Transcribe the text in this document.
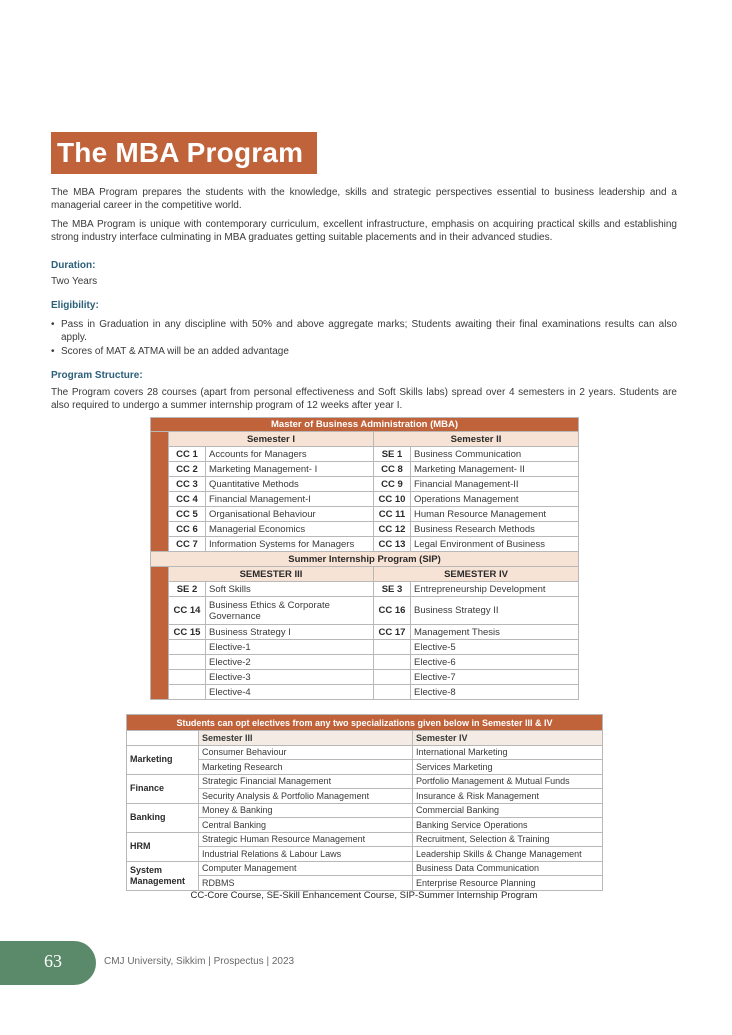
The MBA Program

The MBA Program prepares the students with the knowledge, skills and strategic perspectives essential to business leadership and a managerial career in the competitive world.

The MBA Program is unique with contemporary curriculum, excellent infrastructure, emphasis on acquiring practical skills and establishing strong industry interface culminating in MBA graduates getting suitable placements and in their advanced studies.

Duration:
Two Years
Eligibility:
• Pass in Graduation in any discipline with 50% and above aggregate marks; Students awaiting their final examinations results can also apply.
• Scores of MAT & ATMA will be an added advantage
Program Structure:

The Program covers 28 courses (apart from personal effectiveness and Soft Skills labs) spread over 4 semesters in 2 years. Students are also required to undergo a summer internship program of 12 weeks after year I.

Master of Business Administration (MBA)				
First Year	Semester I		Semester II	
	CC 1	Accounts for Managers	SE 1	Business Communication
	CC 2	Marketing Management- I	CC 8	Marketing Management- II
	CC 3	Quantitative Methods	CC 9	Financial Management-II
	CC 4	Financial Management-I	CC 10	Operations Management
	CC 5	Organisational Behaviour	CC 11	Human Resource Management
	CC 6	Managerial Economics	CC 12	Business Research Methods
	CC 7	Information Systems for Managers	CC 13	Legal Environment of Business
Summer Internship Program (SIP)				
	SEMESTER III		SEMESTER IV	
	SE 2	Soft Skills	SE 3	Entrepreneurship Development
	CC 14	Business Ethics & Corporate Governance	CC 16	Business Strategy II
	CC 15	Business Strategy I	CC 17	Management Thesis
		Elective-1		Elective-5
		Elective-2		Elective-6
		Elective-3		Elective-7
		Elective-4		Elective-8
Students can opt electives from any two specializations given below in Semester III & IV		
	Semester III	Semester IV
Marketing	Consumer Behaviour	International Marketing
	Marketing Research	Services Marketing
Finance	Strategic Financial Management	Portfolio Management & Mutual Funds
	Security Analysis & Portfolio Management	Insurance & Risk Management
Banking	Money & Banking	Commercial Banking
	Central Banking	Banking Service Operations
HRM	Strategic Human Resource Management	Recruitment, Selection & Training
	Industrial Relations & Labour Laws	Leadership Skills & Change Management
System Management	Computer Management	Business Data Communication
	RDBMS	Enterprise Resource Planning
CC-Core Course, SE-Skill Enhancement Course, SIP-Summer Internship Program
63	CMJ University, Sikkim | Prospectus | 2023
